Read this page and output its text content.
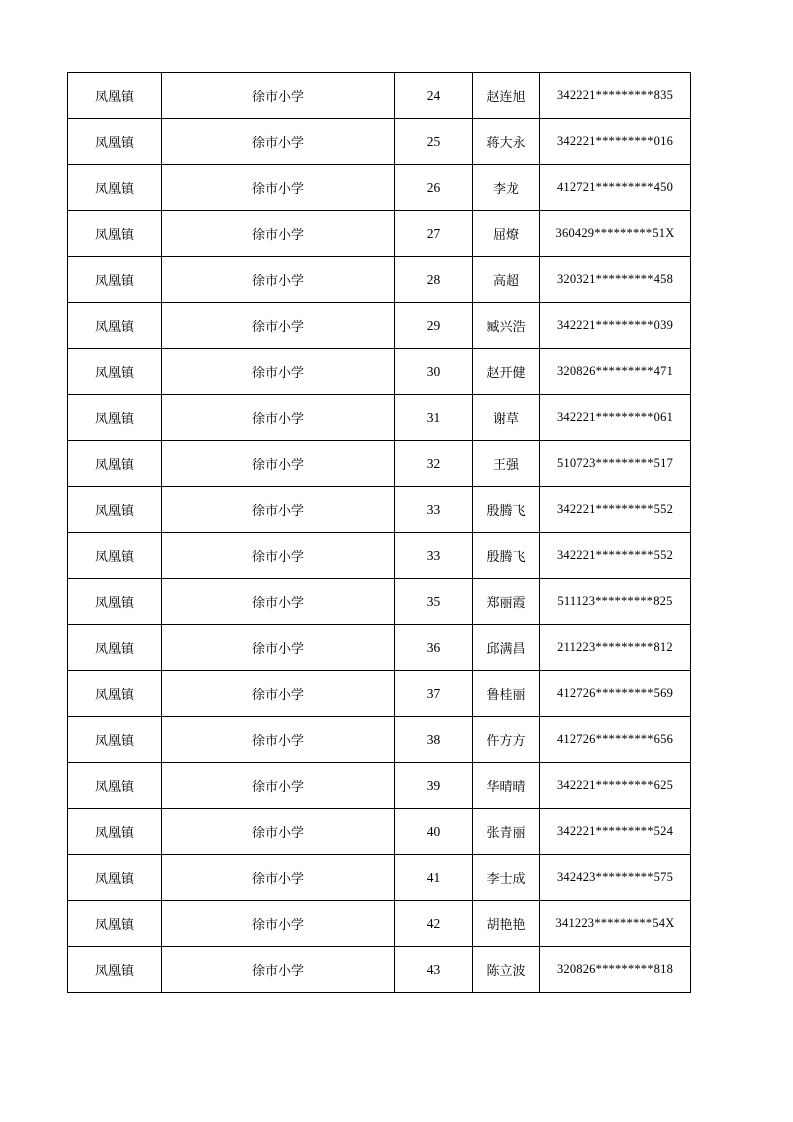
凤凰镇	徐市小学	24	赵连旭	342221*********835
凤凰镇	徐市小学	25	蒋大永	342221*********016
凤凰镇	徐市小学	26	李龙	412721*********450
凤凰镇	徐市小学	27	屈燎	360429*********51X
凤凰镇	徐市小学	28	高超	320321*********458
凤凰镇	徐市小学	29	臧兴浩	342221*********039
凤凰镇	徐市小学	30	赵开健	320826*********471
凤凰镇	徐市小学	31	谢草	342221*********061
凤凰镇	徐市小学	32	王强	510723*********517
凤凰镇	徐市小学	33	殷腾飞	342221*********552
凤凰镇	徐市小学	33	殷腾飞	342221*********552
凤凰镇	徐市小学	35	郑丽霞	511123*********825
凤凰镇	徐市小学	36	邱满昌	211223*********812
凤凰镇	徐市小学	37	鲁桂丽	412726*********569
凤凰镇	徐市小学	38	仵方方	412726*********656
凤凰镇	徐市小学	39	华晴晴	342221*********625
凤凰镇	徐市小学	40	张青丽	342221*********524
凤凰镇	徐市小学	41	李士成	342423*********575
凤凰镇	徐市小学	42	胡艳艳	341223*********54X
凤凰镇	徐市小学	43	陈立波	320826*********818
